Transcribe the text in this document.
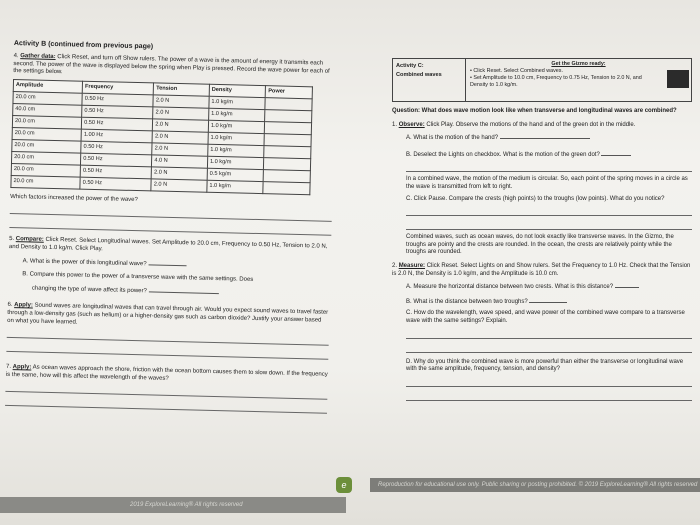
Activity B (continued from previous page)
4. Gather data: Click Reset, and turn off Show rulers. The power of a wave is the amount of energy it transmits each second. The power of the wave is displayed below the spring when Play is pressed. Record the wave power for each of the settings below.
Amplitude	Frequency	Tension	Density	Power
20.0 cm	0.50 Hz	2.0 N	1.0 kg/m	
40.0 cm	0.50 Hz	2.0 N	1.0 kg/m	
20.0 cm	0.50 Hz	2.0 N	1.0 kg/m	
20.0 cm	1.00 Hz	2.0 N	1.0 kg/m	
20.0 cm	0.50 Hz	2.0 N	1.0 kg/m	
20.0 cm	0.50 Hz	4.0 N	1.0 kg/m	
20.0 cm	0.50 Hz	2.0 N	0.5 kg/m	
20.0 cm	0.50 Hz	2.0 N	1.0 kg/m	
Which factors increased the power of the wave?
5. Compare: Click Reset. Select Longitudinal waves. Set Amplitude to 20.0 cm, Frequency to 0.50 Hz, Tension to 2.0 N, and Density to 1.0 kg/m. Click Play.
A. What is the power of this longitudinal wave?
B. Compare this power to the power of a transverse wave with the same settings. Does
changing the type of wave affect its power?
6. Apply: Sound waves are longitudinal waves that can travel through air. Would you expect sound waves to travel faster through a low-density gas (such as helium) or a higher-density gas such as carbon dioxide? Justify your answer based on what you have learned.
7. Apply: As ocean waves approach the shore, friction with the ocean bottom causes them to slow down. If the frequency is the same, how will this affect the wavelength of the waves?
Activity C:
Combined waves
Get the Gizmo ready:
• Click Reset. Select Combined waves.
• Set Amplitude to 10.0 cm, Frequency to 0.75 Hz, Tension to 2.0 N, and Density to 1.0 kg/m.
Question: What does wave motion look like when transverse and longitudinal waves are combined?
1. Observe: Click Play. Observe the motions of the hand and of the green dot in the middle.
A. What is the motion of the hand?
B. Deselect the Lights on checkbox. What is the motion of the green dot?
In a combined wave, the motion of the medium is circular. So, each point of the spring moves in a circle as the wave is transmitted from left to right.
C. Click Pause. Compare the crests (high points) to the troughs (low points). What do you notice?
Combined waves, such as ocean waves, do not look exactly like transverse waves. In the Gizmo, the troughs are pointy and the crests are rounded. In the ocean, the crests are relatively pointy while the troughs are rounded.
2. Measure: Click Reset. Select Lights on and Show rulers. Set the Frequency to 1.0 Hz. Check that the Tension is 2.0 N, the Density is 1.0 kg/m, and the Amplitude is 10.0 cm.
A. Measure the horizontal distance between two crests. What is this distance?
B. What is the distance between two troughs?
C. How do the wavelength, wave speed, and wave power of the combined wave compare to a transverse wave with the same settings? Explain.
D. Why do you think the combined wave is more powerful than either the transverse or longitudinal wave with the same amplitude, frequency, tension, and density?
2019 ExploreLearning® All rights reserved
e	Reproduction for educational use only. Public sharing or posting prohibited. © 2019 ExploreLearning® All rights reserved
